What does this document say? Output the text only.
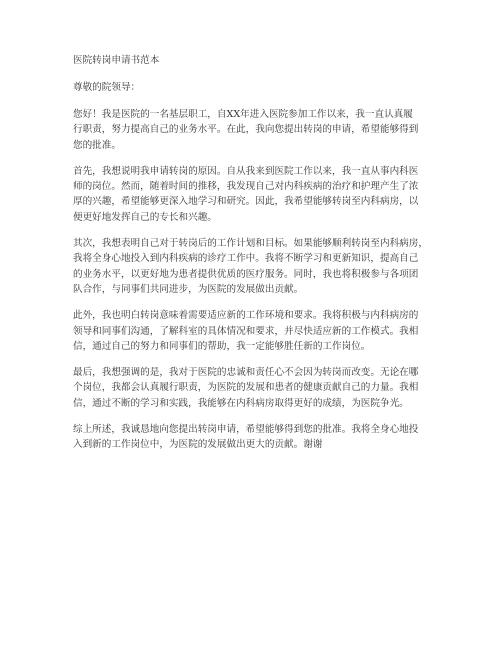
医院转岗申请书范本

尊敬的院领导：

您好！我是医院的一名基层职工，自XX年进入医院参加工作以来，我一直认真履
行职责，努力提高自己的业务水平。在此，我向您提出转岗的申请，希望能够得到
您的批准。
首先，我想说明我申请转岗的原因。自从我来到医院工作以来，我一直从事内科医
师的岗位。然而，随着时间的推移，我发现自己对内科疾病的治疗和护理产生了浓
厚的兴趣，希望能够更深入地学习和研究。因此，我希望能够转岗至内科病房，以
便更好地发挥自己的专长和兴趣。
其次，我想表明自己对于转岗后的工作计划和目标。如果能够顺利转岗至内科病房，
我将全身心地投入到内科疾病的诊疗工作中。我将不断学习和更新知识，提高自己
的业务水平，以更好地为患者提供优质的医疗服务。同时，我也将积极参与各项团
队合作，与同事们共同进步，为医院的发展做出贡献。
此外，我也明白转岗意味着需要适应新的工作环境和要求。我将积极与内科病房的
领导和同事们沟通，了解科室的具体情况和要求，并尽快适应新的工作模式。我相
信，通过自己的努力和同事们的帮助，我一定能够胜任新的工作岗位。
最后，我想强调的是，我对于医院的忠诚和责任心不会因为转岗而改变。无论在哪
个岗位，我都会认真履行职责，为医院的发展和患者的健康贡献自己的力量。我相
信，通过不断的学习和实践，我能够在内科病房取得更好的成绩，为医院争光。
综上所述，我诚恳地向您提出转岗申请，希望能够得到您的批准。我将全身心地投
入到新的工作岗位中，为医院的发展做出更大的贡献。谢谢
